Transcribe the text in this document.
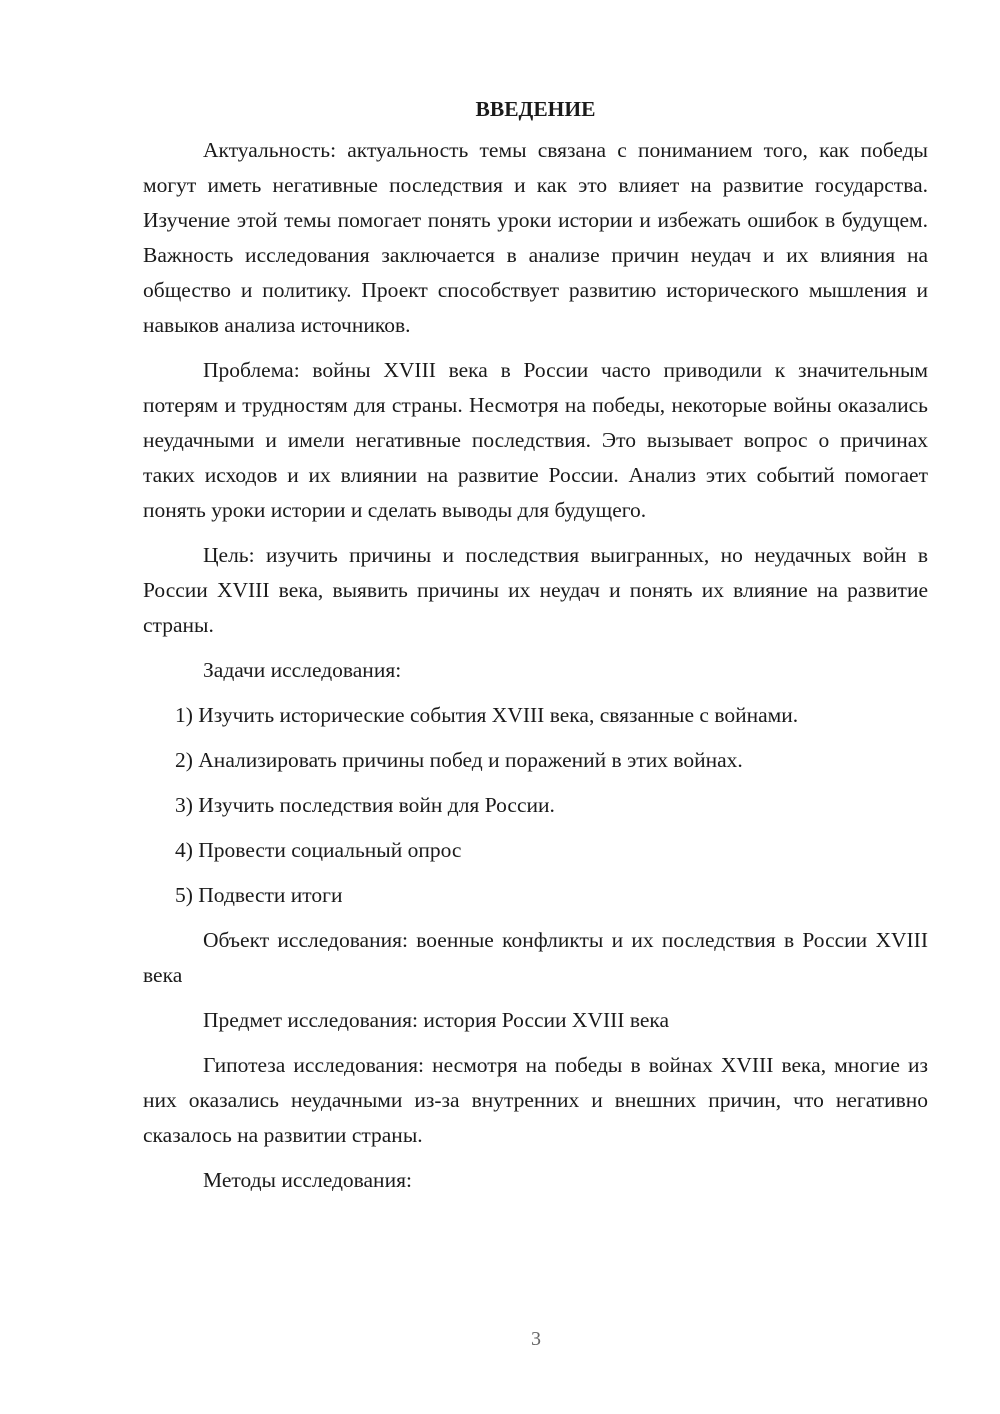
ВВЕДЕНИЕ

Актуальность: актуальность темы связана с пониманием того, как победы могут иметь негативные последствия и как это влияет на развитие государства. Изучение этой темы помогает понять уроки истории и избежать ошибок в будущем. Важность исследования заключается в анализе причин неудач и их влияния на общество и политику. Проект способствует развитию исторического мышления и навыков анализа источников.

Проблема: войны XVIII века в России часто приводили к значительным потерям и трудностям для страны. Несмотря на победы, некоторые войны оказались неудачными и имели негативные последствия. Это вызывает вопрос о причинах таких исходов и их влиянии на развитие России. Анализ этих событий помогает понять уроки истории и сделать выводы для будущего.

Цель: изучить причины и последствия выигранных, но неудачных войн в России XVIII века, выявить причины их неудач и понять их влияние на развитие страны.

Задачи исследования:

1) Изучить исторические события XVIII века, связанные с войнами.
2) Анализировать причины побед и поражений в этих войнах.
3) Изучить последствия войн для России.
4) Провести социальный опрос
5) Подвести итоги

Объект исследования: военные конфликты и их последствия в России XVIII века

Предмет исследования: история России XVIII века

Гипотеза исследования: несмотря на победы в войнах XVIII века, многие из них оказались неудачными из-за внутренних и внешних причин, что негативно сказалось на развитии страны.

Методы исследования:

3
